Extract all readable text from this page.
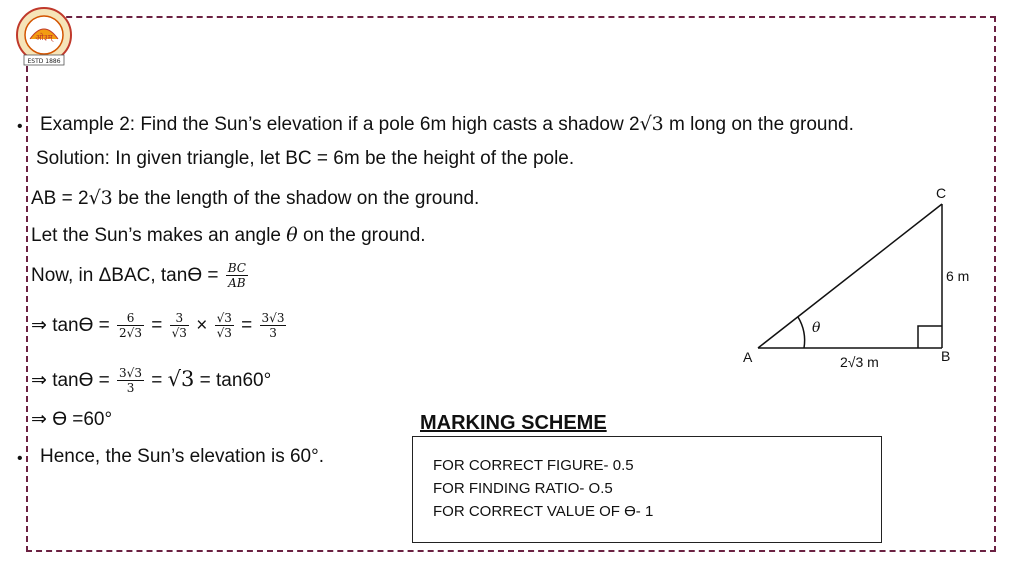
ओ३म्
ESTD 1886
• Example 2: Find the Sun’s elevation if a pole 6m high casts a shadow 2√3 m long on the ground.
Solution: In given triangle, let BC = 6m be the height of the pole.
AB = 2√3 be the length of the shadow on the ground.
Let the Sun’s makes an angle θ on the ground.
Now, in ΔBAC, $\tan ϴ = \frac{BC}{AB}$
⇒ $\tan ϴ = \frac{6}{2√3} = \frac{3}{√3} \times \frac{√3}{√3} = \frac{3√3}{3}$
⇒ $\tan ϴ = \frac{3√3}{3} = √3 = \tan 60^\circ$
⇒ ϴ =60°
• Hence, the Sun’s elevation is 60°.
C
6 m
θ
A	B
2√3 m
MARKING SCHEME
FOR CORRECT FIGURE- 0.5
FOR FINDING RATIO- O.5
FOR CORRECT VALUE OF ϴ- 1
